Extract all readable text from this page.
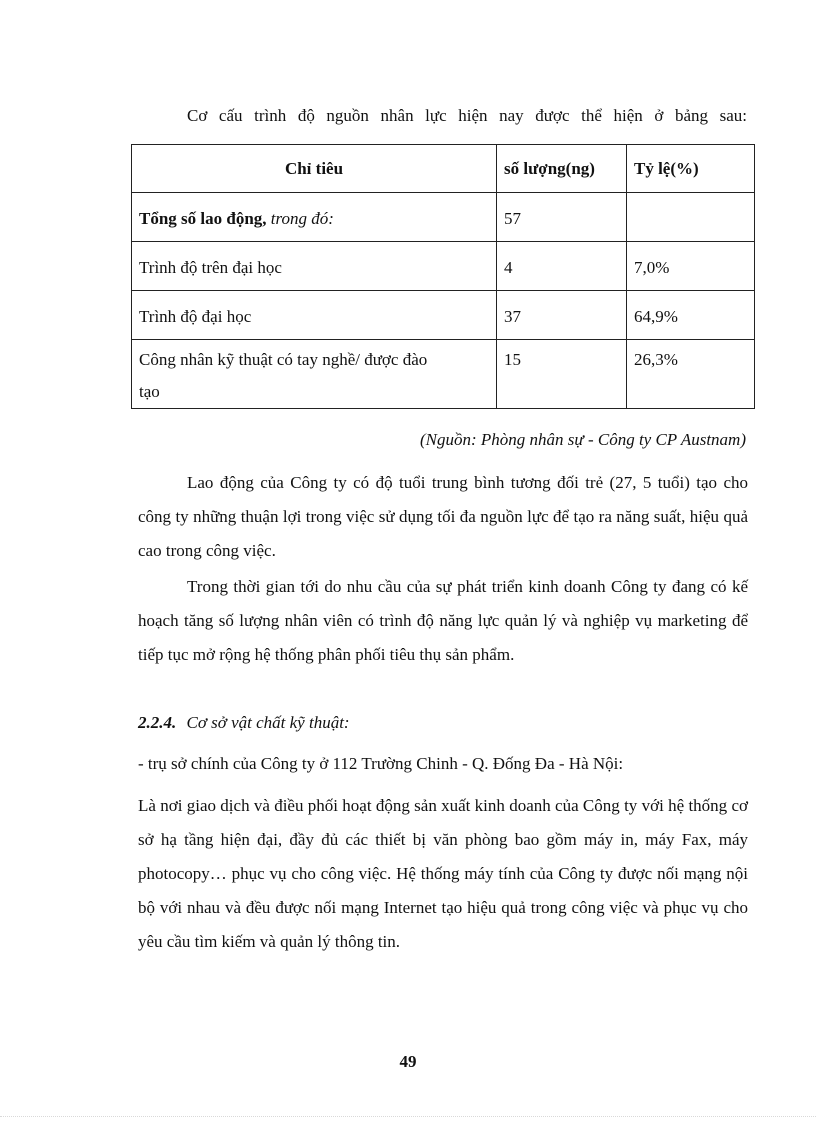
Cơ cấu trình độ nguồn nhân lực hiện nay được thể hiện ở bảng sau:
Chỉ tiêu	số lượng(ng)	Tỷ lệ(%)
Tổng số lao động, trong đó:	57	
Trình độ trên đại học	4	7,0%
Trình độ đại học	37	64,9%

Công nhân kỹ thuật có tay nghề/ được đào
tạo	15	26,3%
(Nguồn: Phòng nhân sự - Công ty CP Austnam)

Lao động của Công ty có độ tuổi trung bình tương đối trẻ (27, 5 tuổi) tạo cho công ty những thuận lợi trong việc sử dụng tối đa nguồn lực để tạo ra năng suất, hiệu quả cao trong công việc.

Trong thời gian tới do nhu cầu của sự phát triển kinh doanh Công ty đang có kế hoạch tăng số lượng nhân viên có trình độ năng lực quản lý và nghiệp vụ marketing để tiếp tục mở rộng hệ thống phân phối tiêu thụ sản phẩm.

2.2.4. Cơ sở vật chất kỹ thuật:
- trụ sở chính của Công ty ở 112 Trường Chinh - Q. Đống Đa - Hà Nội:

Là nơi giao dịch và điều phối hoạt động sản xuất kinh doanh của Công ty với hệ thống cơ sở hạ tầng hiện đại, đầy đủ các thiết bị văn phòng bao gồm máy in, máy Fax, máy photocopy… phục vụ cho công việc. Hệ thống máy tính của Công ty được nối mạng nội bộ với nhau và đều được nối mạng Internet tạo hiệu quả trong công việc và phục vụ cho yêu cầu tìm kiếm và quản lý thông tin.

49
